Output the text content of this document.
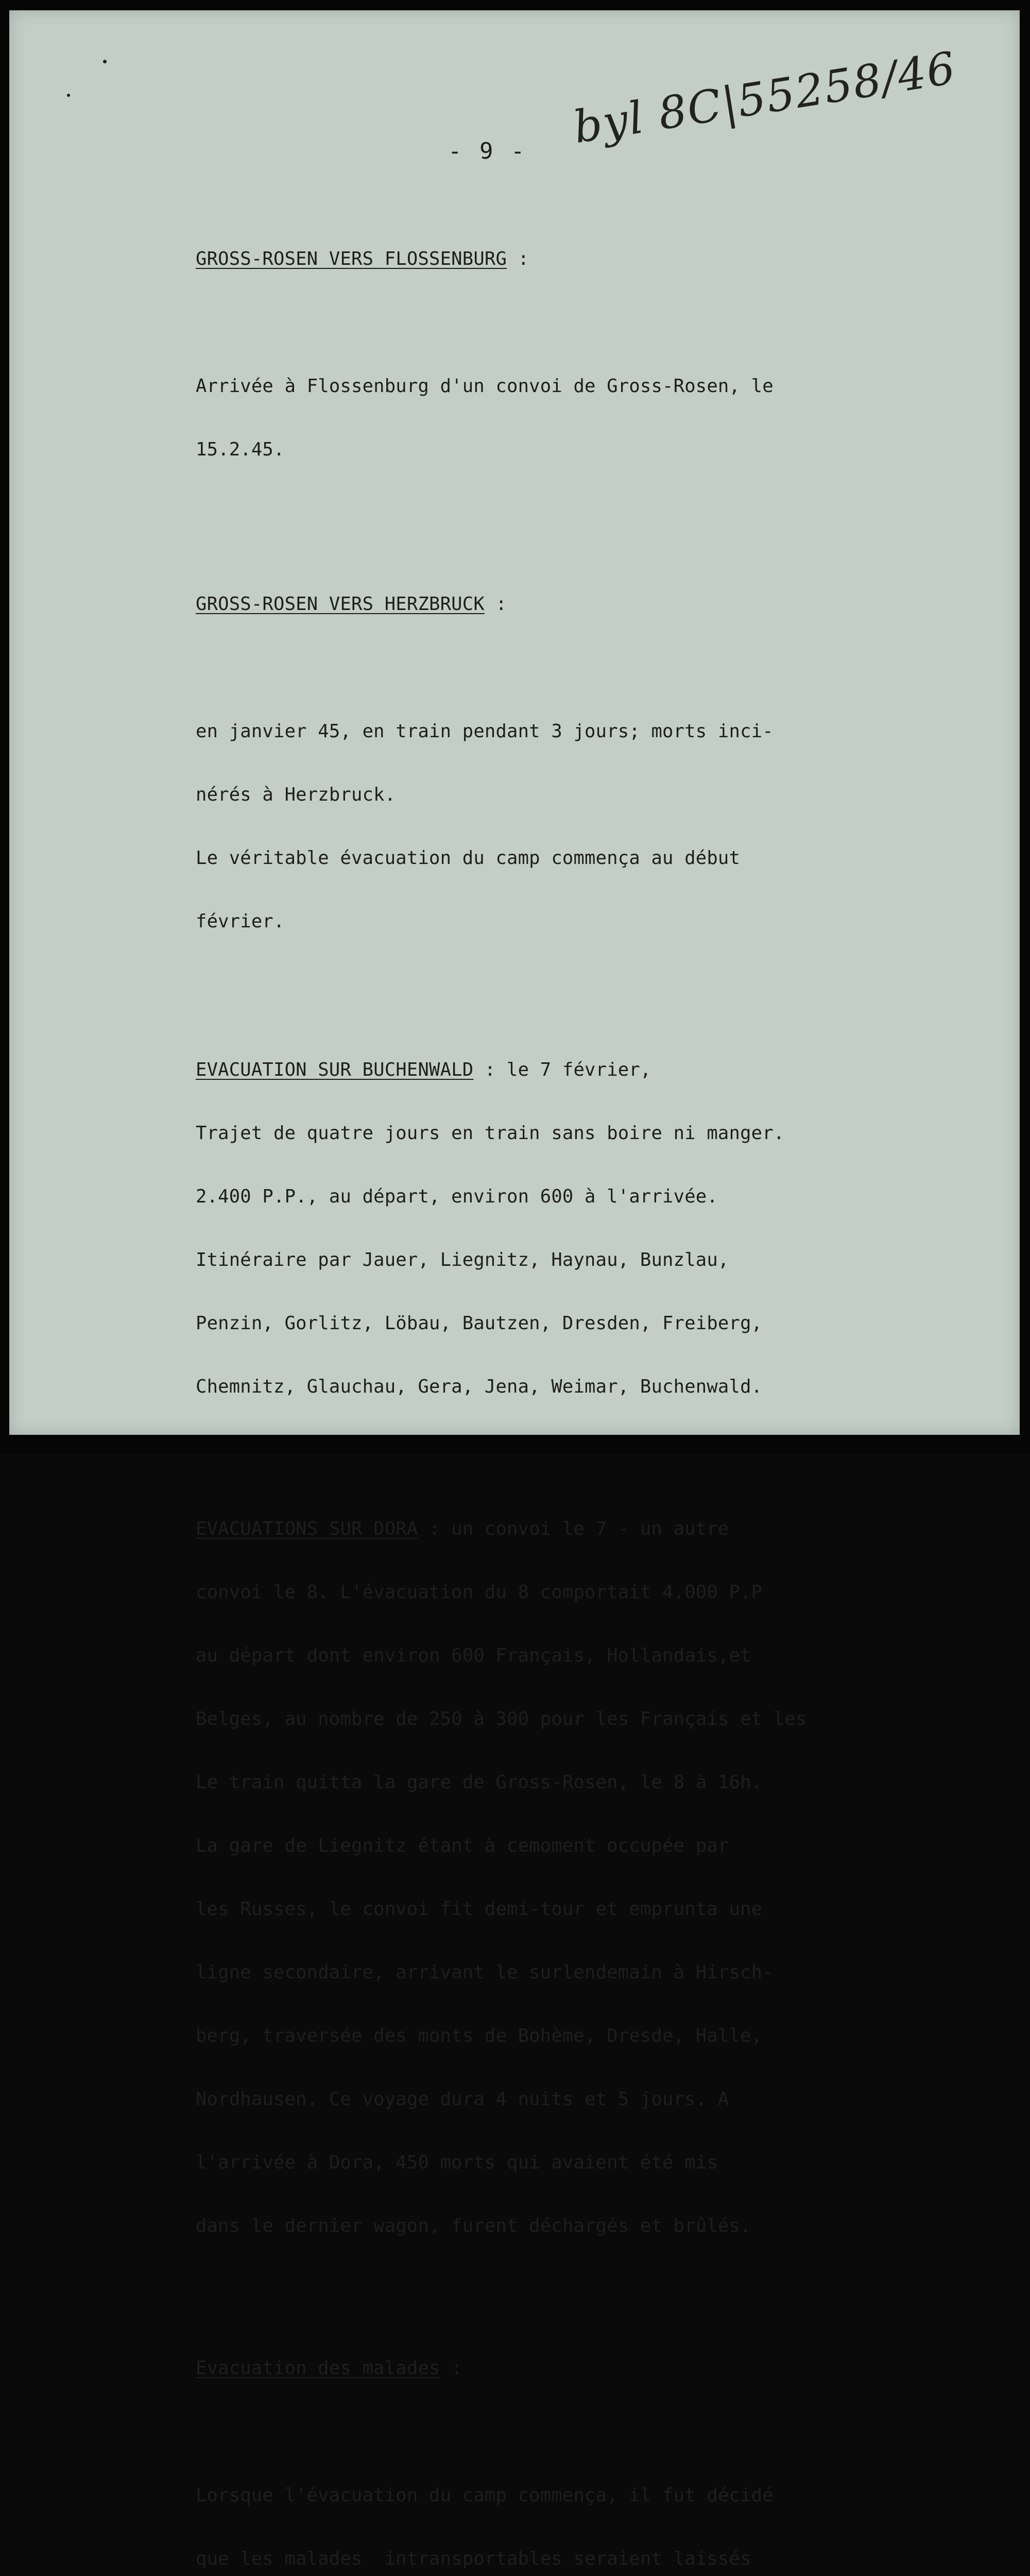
- 9 - byl 8C|55258/46

GROSS-ROSEN VERS FLOSSENBURG :

Arrivée à Flossenburg d'un convoi de Gross-Rosen, le

15.2.45.

GROSS-ROSEN VERS HERZBRUCK :

en janvier 45, en train pendant 3 jours; morts inci-

nérés à Herzbruck.

Le véritable évacuation du camp commença au début

février.

EVACUATION SUR BUCHENWALD : le 7 février,

Trajet de quatre jours en train sans boire ni manger.

2.400 P.P., au départ, environ 600 à l'arrivée.

Itinéraire par Jauer, Liegnitz, Haynau, Bunzlau,

Penzin, Gorlitz, Löbau, Bautzen, Dresden, Freiberg,

Chemnitz, Glauchau, Gera, Jena, Weimar, Buchenwald.

EVACUATIONS SUR DORA : un convoi le 7 - un autre

convoi le 8. L'évacuation du 8 comportait 4.000 P.P

au départ dont environ 600 Français, Hollandais,et

Belges, au nombre de 250 à 300 pour les Français et les

Le train quitta la gare de Gross-Rosen, le 8 à 16h.

La gare de Liegnitz étant à cemoment occupée par

les Russes, le convoi fit demi-tour et emprunta une

ligne secondaire, arrivant le surlendemain à Hirsch-

berg, traversée des monts de Bohème, Dresde, Halle,

Nordhausen. Ce voyage dura 4 nuits et 5 jours. A

l'arrivée à Dora, 450 morts qui avaient été mis

dans le dernier wagon, furent déchargés et brûlés.

Evacuation des malades :

Lorsque l'évacuation du camp commença, il fut décidé

que les malades  intransportables seraient laissés
